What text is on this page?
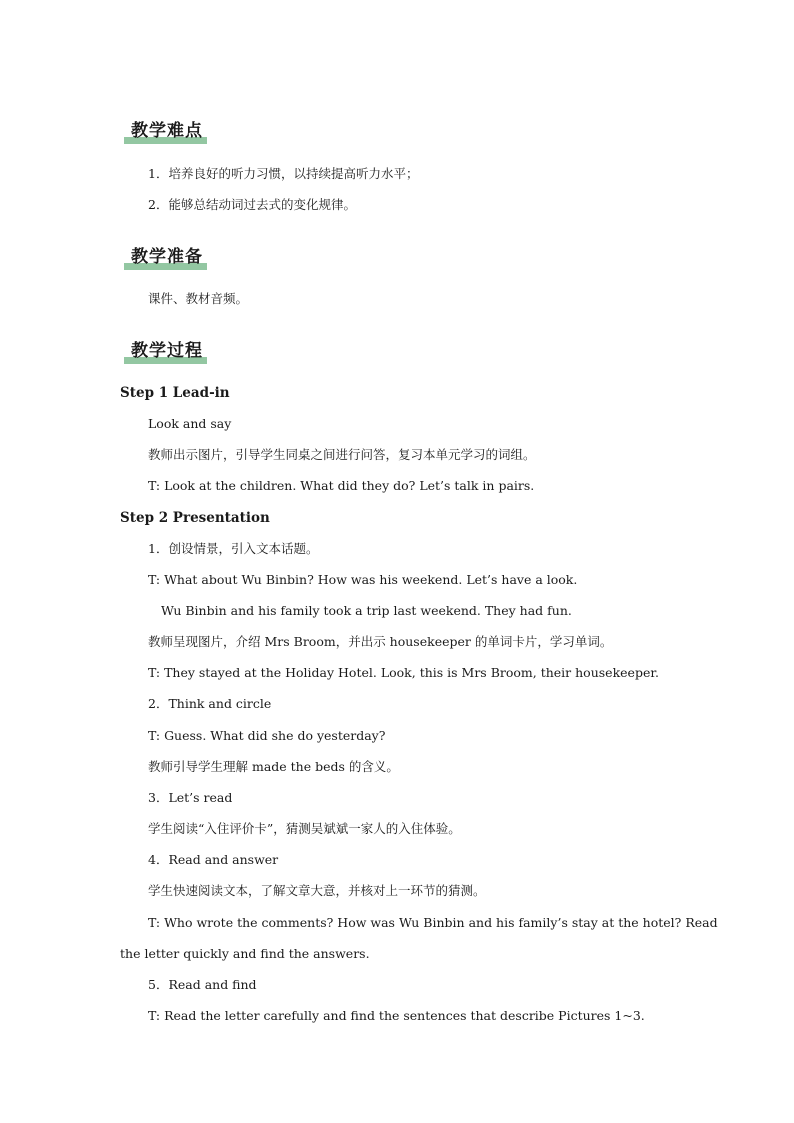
教学难点
1．培养良好的听力习惯，以持续提高听力水平；
2．能够总结动词过去式的变化规律。
教学准备
课件、教材音频。
教学过程
Step 1 Lead-in
Look and say
教师出示图片，引导学生同桌之间进行问答，复习本单元学习的词组。
T: Look at the children. What did they do? Let’s talk in pairs.
Step 2 Presentation
1．创设情景，引入文本话题。
T: What about Wu Binbin? How was his weekend. Let’s have a look.
Wu Binbin and his family took a trip last weekend. They had fun.
教师呈现图片，介绍 Mrs Broom，并出示 housekeeper 的单词卡片，学习单词。
T: They stayed at the Holiday Hotel. Look, this is Mrs Broom, their housekeeper.
2．Think and circle
T: Guess. What did she do yesterday?
教师引导学生理解 made the beds 的含义。
3．Let’s read
学生阅读“入住评价卡”，猜测吴斌斌一家人的入住体验。
4．Read and answer
学生快速阅读文本，了解文章大意，并核对上一环节的猜测。
T: Who wrote the comments? How was Wu Binbin and his family’s stay at the hotel? Read
the letter quickly and find the answers.
5．Read and find
T: Read the letter carefully and find the sentences that describe Pictures 1~3.
